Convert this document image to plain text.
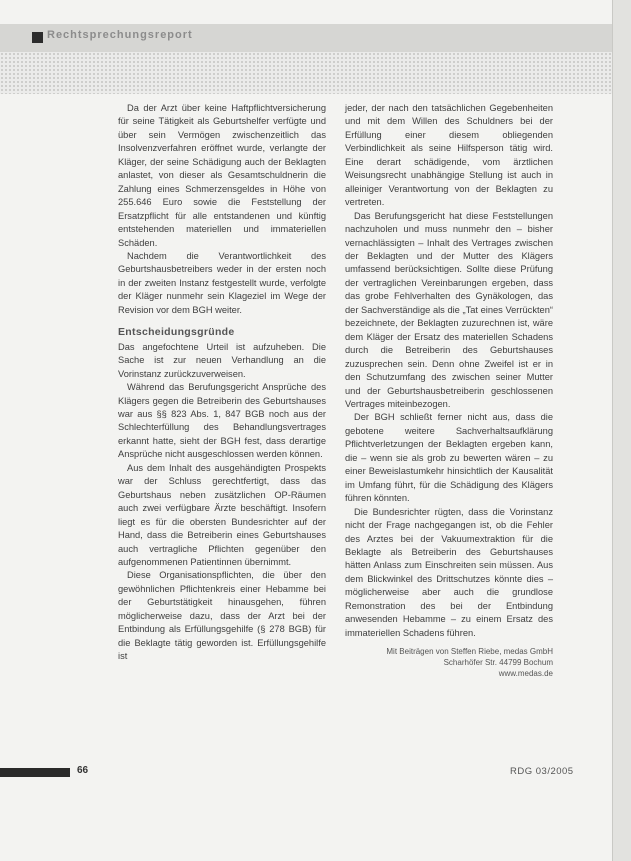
Rechtsprechungsreport

Da der Arzt über keine Haftpflichtversicherung für seine Tätigkeit als Geburtshelfer verfügte und über sein Vermögen zwischenzeitlich das Insolvenzverfahren eröffnet wurde, verlangte der Kläger, der seine Schädigung auch der Beklagten anlastet, von dieser als Gesamtschuldnerin die Zahlung eines Schmerzensgeldes in Höhe von 255.646 Euro sowie die Feststellung der Ersatzpflicht für alle entstandenen und künftig entstehenden materiellen und immateriellen Schäden.

Nachdem die Verantwortlichkeit des Geburtshausbetreibers weder in der ersten noch in der zweiten Instanz festgestellt wurde, verfolgte der Kläger nunmehr sein Klageziel im Wege der Revision vor dem BGH weiter.

Entscheidungsgründe

Das angefochtene Urteil ist aufzuheben. Die Sache ist zur neuen Verhandlung an die Vorinstanz zurückzuverweisen.

Während das Berufungsgericht Ansprüche des Klägers gegen die Betreiberin des Geburtshauses war aus §§ 823 Abs. 1, 847 BGB noch aus der Schlechterfüllung des Behandlungsvertrages erkannt hatte, sieht der BGH fest, dass derartige Ansprüche nicht ausgeschlossen werden können.

Aus dem Inhalt des ausgehändigten Prospekts war der Schluss gerechtfertigt, dass das Geburtshaus neben zusätzlichen OP-Räumen auch zwei verfügbare Ärzte beschäftigt. Insofern liegt es für die obersten Bundesrichter auf der Hand, dass die Betreiberin eines Geburtshauses auch vertragliche Pflichten gegenüber den aufgenommenen Patientinnen übernimmt.

Diese Organisationspflichten, die über den gewöhnlichen Pflichtenkreis einer Hebamme bei der Geburtstätigkeit hinausgehen, führen möglicherweise dazu, dass der Arzt bei der Entbindung als Erfüllungsgehilfe (§ 278 BGB) für die Beklagte tätig geworden ist. Erfüllungsgehilfe ist

jeder, der nach den tatsächlichen Gegebenheiten und mit dem Willen des Schuldners bei der Erfüllung einer diesem obliegenden Verbindlichkeit als seine Hilfsperson tätig wird. Eine derart schädigende, vom ärztlichen Weisungsrecht unabhängige Stellung ist auch in alleiniger Verantwortung von der Beklagten zu vertreten.

Das Berufungsgericht hat diese Feststellungen nachzuholen und muss nunmehr den – bisher vernachlässigten – Inhalt des Vertrages zwischen der Beklagten und der Mutter des Klägers umfassend berücksichtigen. Sollte diese Prüfung der vertraglichen Vereinbarungen ergeben, dass das grobe Fehlverhalten des Gynäkologen, das der Sachverständige als die „Tat eines Verrückten“ bezeichnete, der Beklagten zuzurechnen ist, wäre dem Kläger der Ersatz des materiellen Schadens durch die Betreiberin des Geburtshauses zuzusprechen sein. Denn ohne Zweifel ist er in den Schutzumfang des zwischen seiner Mutter und der Geburtshausbetreiberin geschlossenen Vertrages miteinbezogen.

Der BGH schließt ferner nicht aus, dass die gebotene weitere Sachverhaltsaufklärung Pflichtverletzungen der Beklagten ergeben kann, die – wenn sie als grob zu bewerten wären – zu einer Beweislastumkehr hinsichtlich der Kausalität im Umfang führt, für die Schädigung des Klägers führen könnten.

Die Bundesrichter rügten, dass die Vorinstanz nicht der Frage nachgegangen ist, ob die Fehler des Arztes bei der Vakuumextraktion für die Beklagte als Betreiberin des Geburtshauses hätten Anlass zum Einschreiten sein müssen. Aus dem Blickwinkel des Drittschutzes könnte dies – möglicherweise aber auch die grundlose Remonstration des bei der Entbindung anwesenden Hebamme – zu einem Ersatz des immateriellen Schadens führen.

Mit Beiträgen von Steffen Riebe, medas GmbH
Scharhöfer Str. 44799 Bochum
www.medas.de
66	RDG 03/2005
